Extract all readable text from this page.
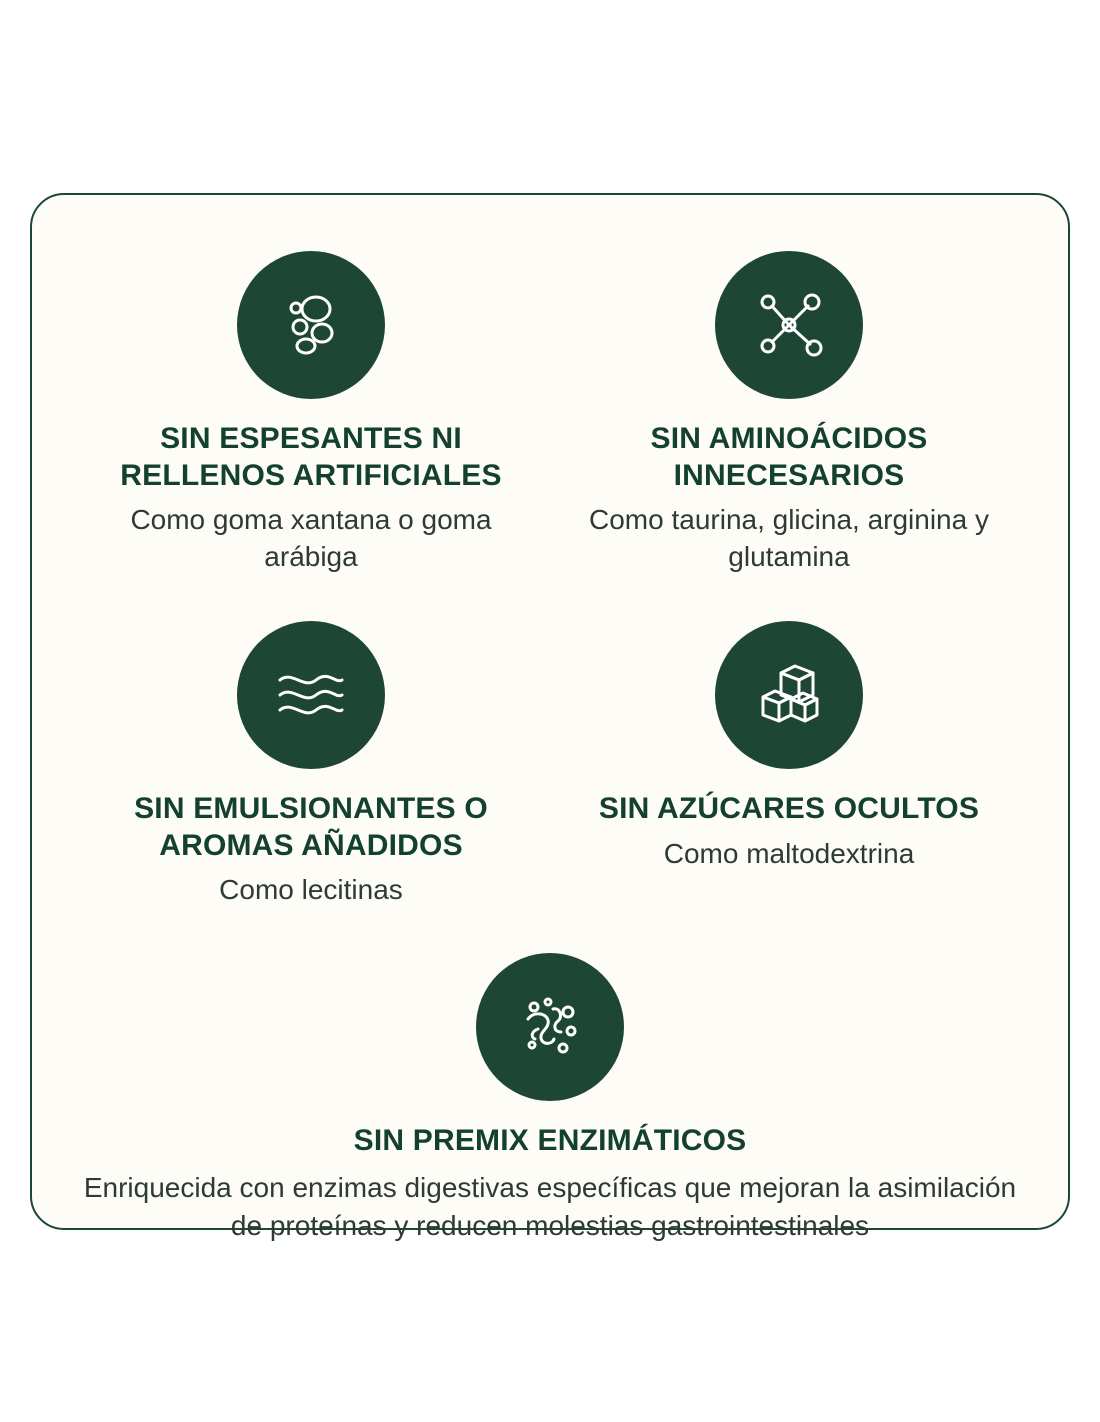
SIN ESPESANTES NI RELLENOS ARTIFICIALES

Como goma xantana o goma arábiga

SIN AMINOÁCIDOS INNECESARIOS

Como taurina, glicina, arginina y glutamina

SIN EMULSIONANTES O AROMAS AÑADIDOS

Como lecitinas

SIN AZÚCARES OCULTOS

Como maltodextrina

SIN PREMIX ENZIMÁTICOS

Enriquecida con enzimas digestivas específicas que mejoran la asimilación de proteínas y reducen molestias gastrointestinales
